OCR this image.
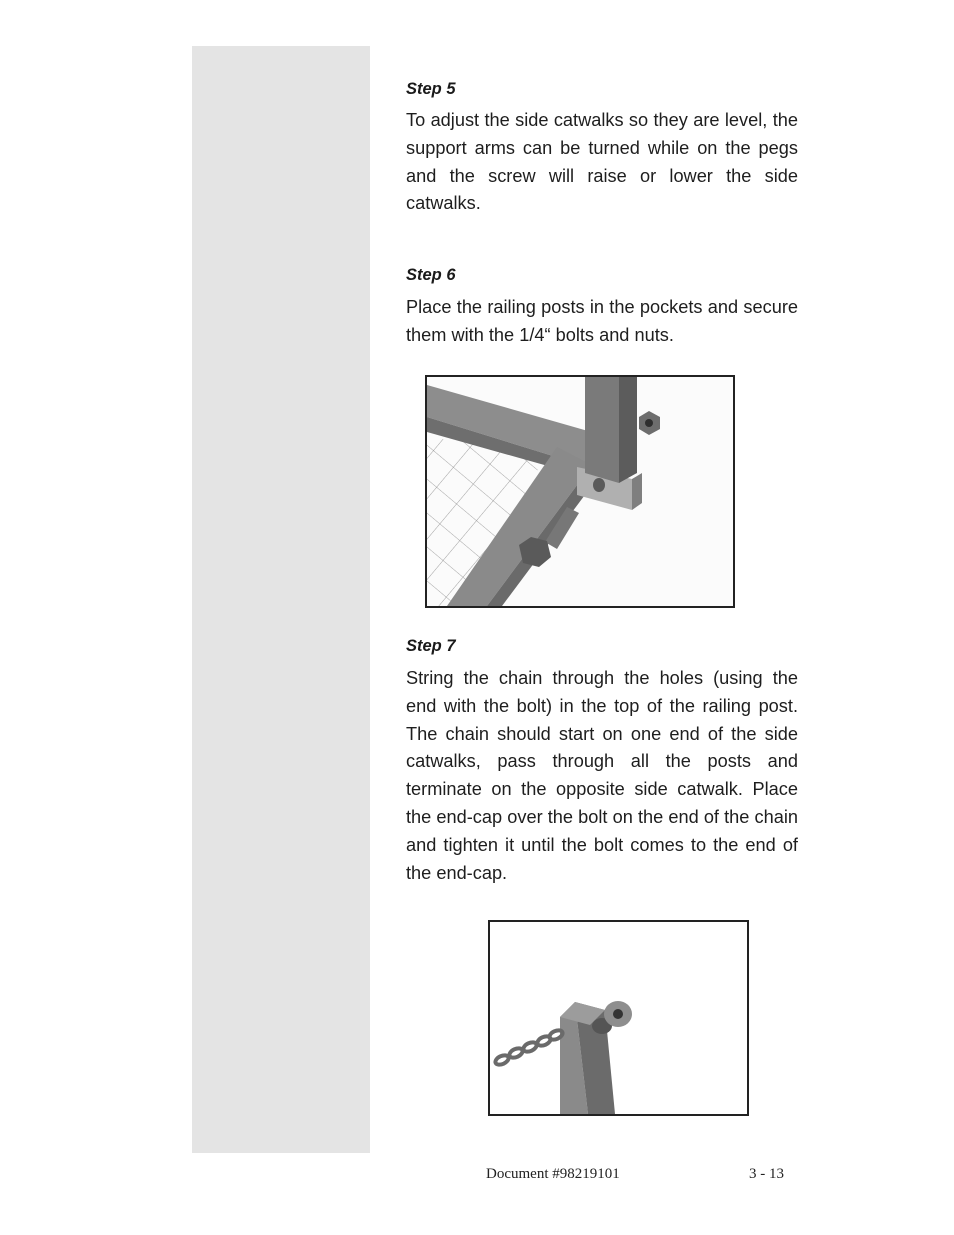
Step 5

To adjust the side catwalks so they are level, the support arms can be turned while on the pegs and the screw will raise or lower the side catwalks.

Step 6

Place the railing posts in the pockets and secure them with the 1/4“ bolts and nuts.

Step 7

String the chain through the holes (using the end with the bolt) in the top of the railing post. The chain should start on one end of the side catwalks, pass through all the posts and terminate on the opposite side catwalk. Place the end-cap over the bolt on the end of the chain and tighten it until the bolt comes to the end of the end-cap.

Document #98219101	3 - 13
